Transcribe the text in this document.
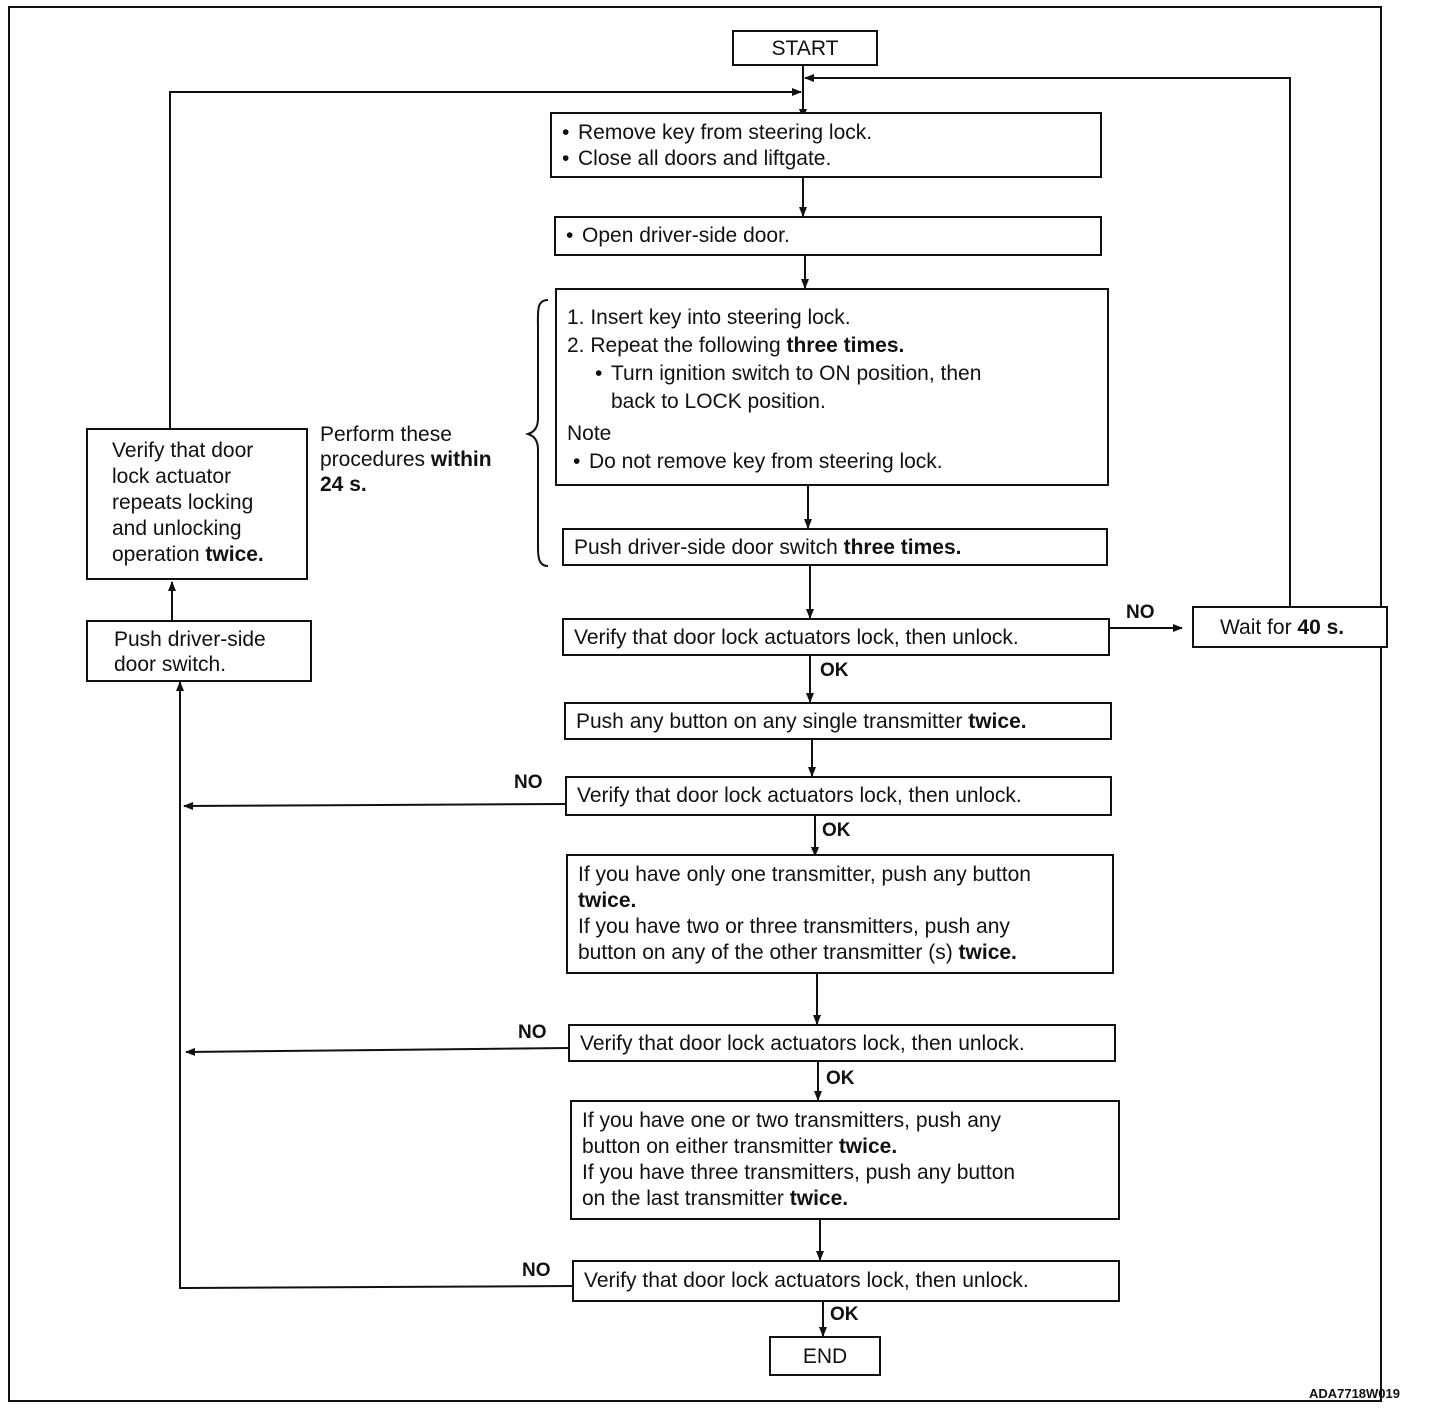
START
• Remove key from steering lock.
• Close all doors and liftgate.
• Open driver-side door.
1. Insert key into steering lock.
2. Repeat the following three times.
• Turn ignition switch to ON position, then
back to LOCK position.
Note
• Do not remove key from steering lock.
Push driver-side door switch three times.
Verify that door lock actuators lock, then unlock.	Wait for 40 s.
Push any button on any single transmitter twice.
Verify that door lock actuators lock, then unlock.
If you have only one transmitter, push any button
twice.
If you have two or three transmitters, push any
button on any of the other transmitter (s) twice.
Verify that door lock actuators lock, then unlock.
If you have one or two transmitters, push any
button on either transmitter twice.
If you have three transmitters, push any button
on the last transmitter twice.
Verify that door lock actuators lock, then unlock.
END
Verify that door
lock actuator
repeats locking
and unlocking
operation twice.
Push driver-side
door switch.
Perform these
procedures within
24 s.
NO
OK
NO
OK
NO
OK
NO
OK
ADA7718W019
